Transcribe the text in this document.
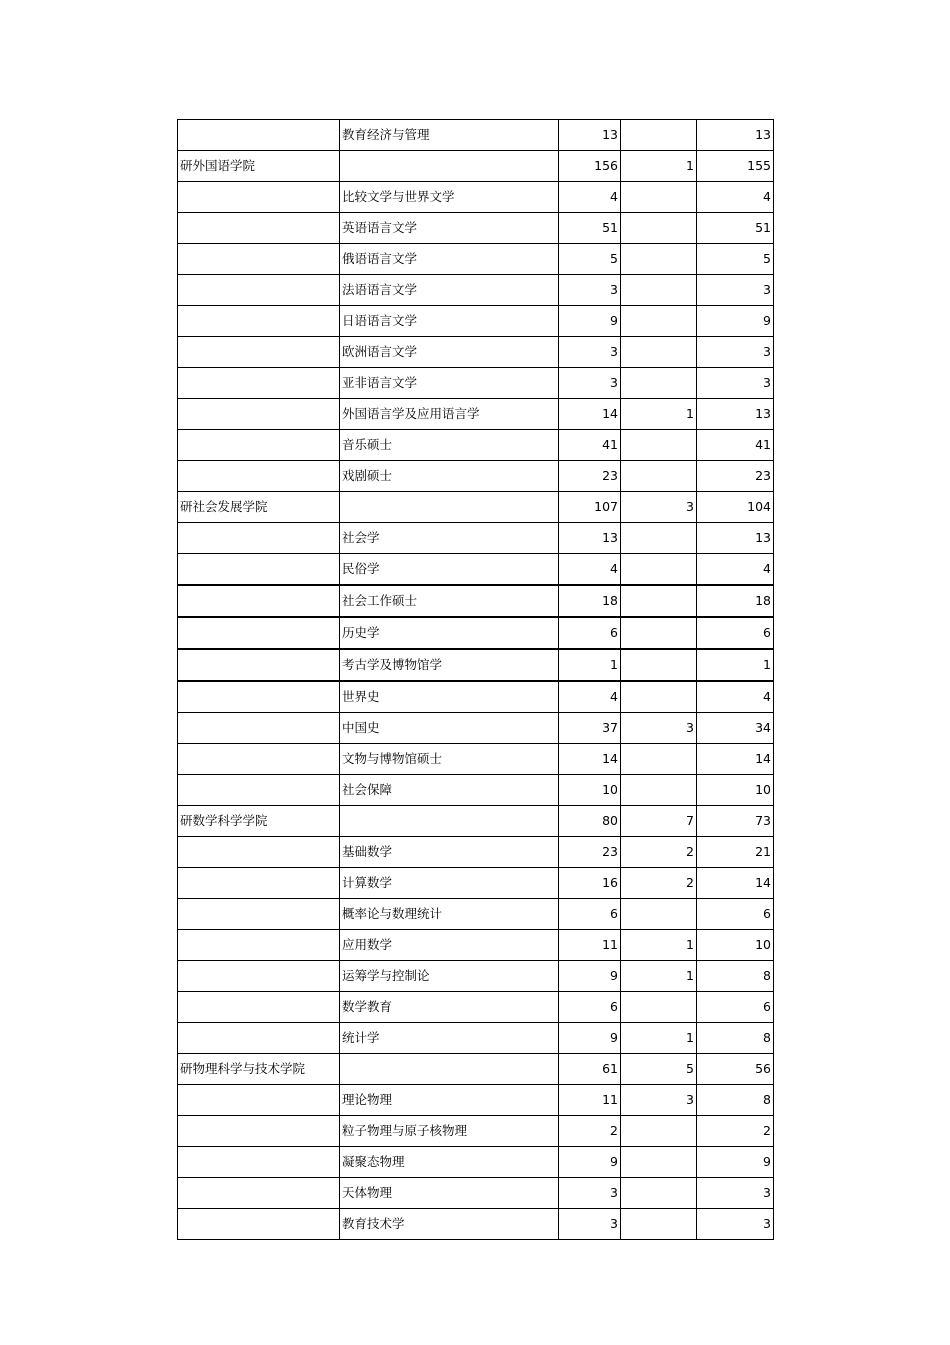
	教育经济与管理	13		13
研外国语学院		156	1	155
	比较文学与世界文学	4		4
	英语语言文学	51		51
	俄语语言文学	5		5
	法语语言文学	3		3
	日语语言文学	9		9
	欧洲语言文学	3		3
	亚非语言文学	3		3
	外国语言学及应用语言学	14	1	13
	音乐硕士	41		41
	戏剧硕士	23		23
研社会发展学院		107	3	104
	社会学	13		13
	民俗学	4		4
	社会工作硕士	18		18
	历史学	6		6
	考古学及博物馆学	1		1
	世界史	4		4
	中国史	37	3	34
	文物与博物馆硕士	14		14
	社会保障	10		10
研数学科学学院		80	7	73
	基础数学	23	2	21
	计算数学	16	2	14
	概率论与数理统计	6		6
	应用数学	11	1	10
	运筹学与控制论	9	1	8
	数学教育	6		6
	统计学	9	1	8
研物理科学与技术学院		61	5	56
	理论物理	11	3	8
	粒子物理与原子核物理	2		2
	凝聚态物理	9		9
	天体物理	3		3
	教育技术学	3		3
